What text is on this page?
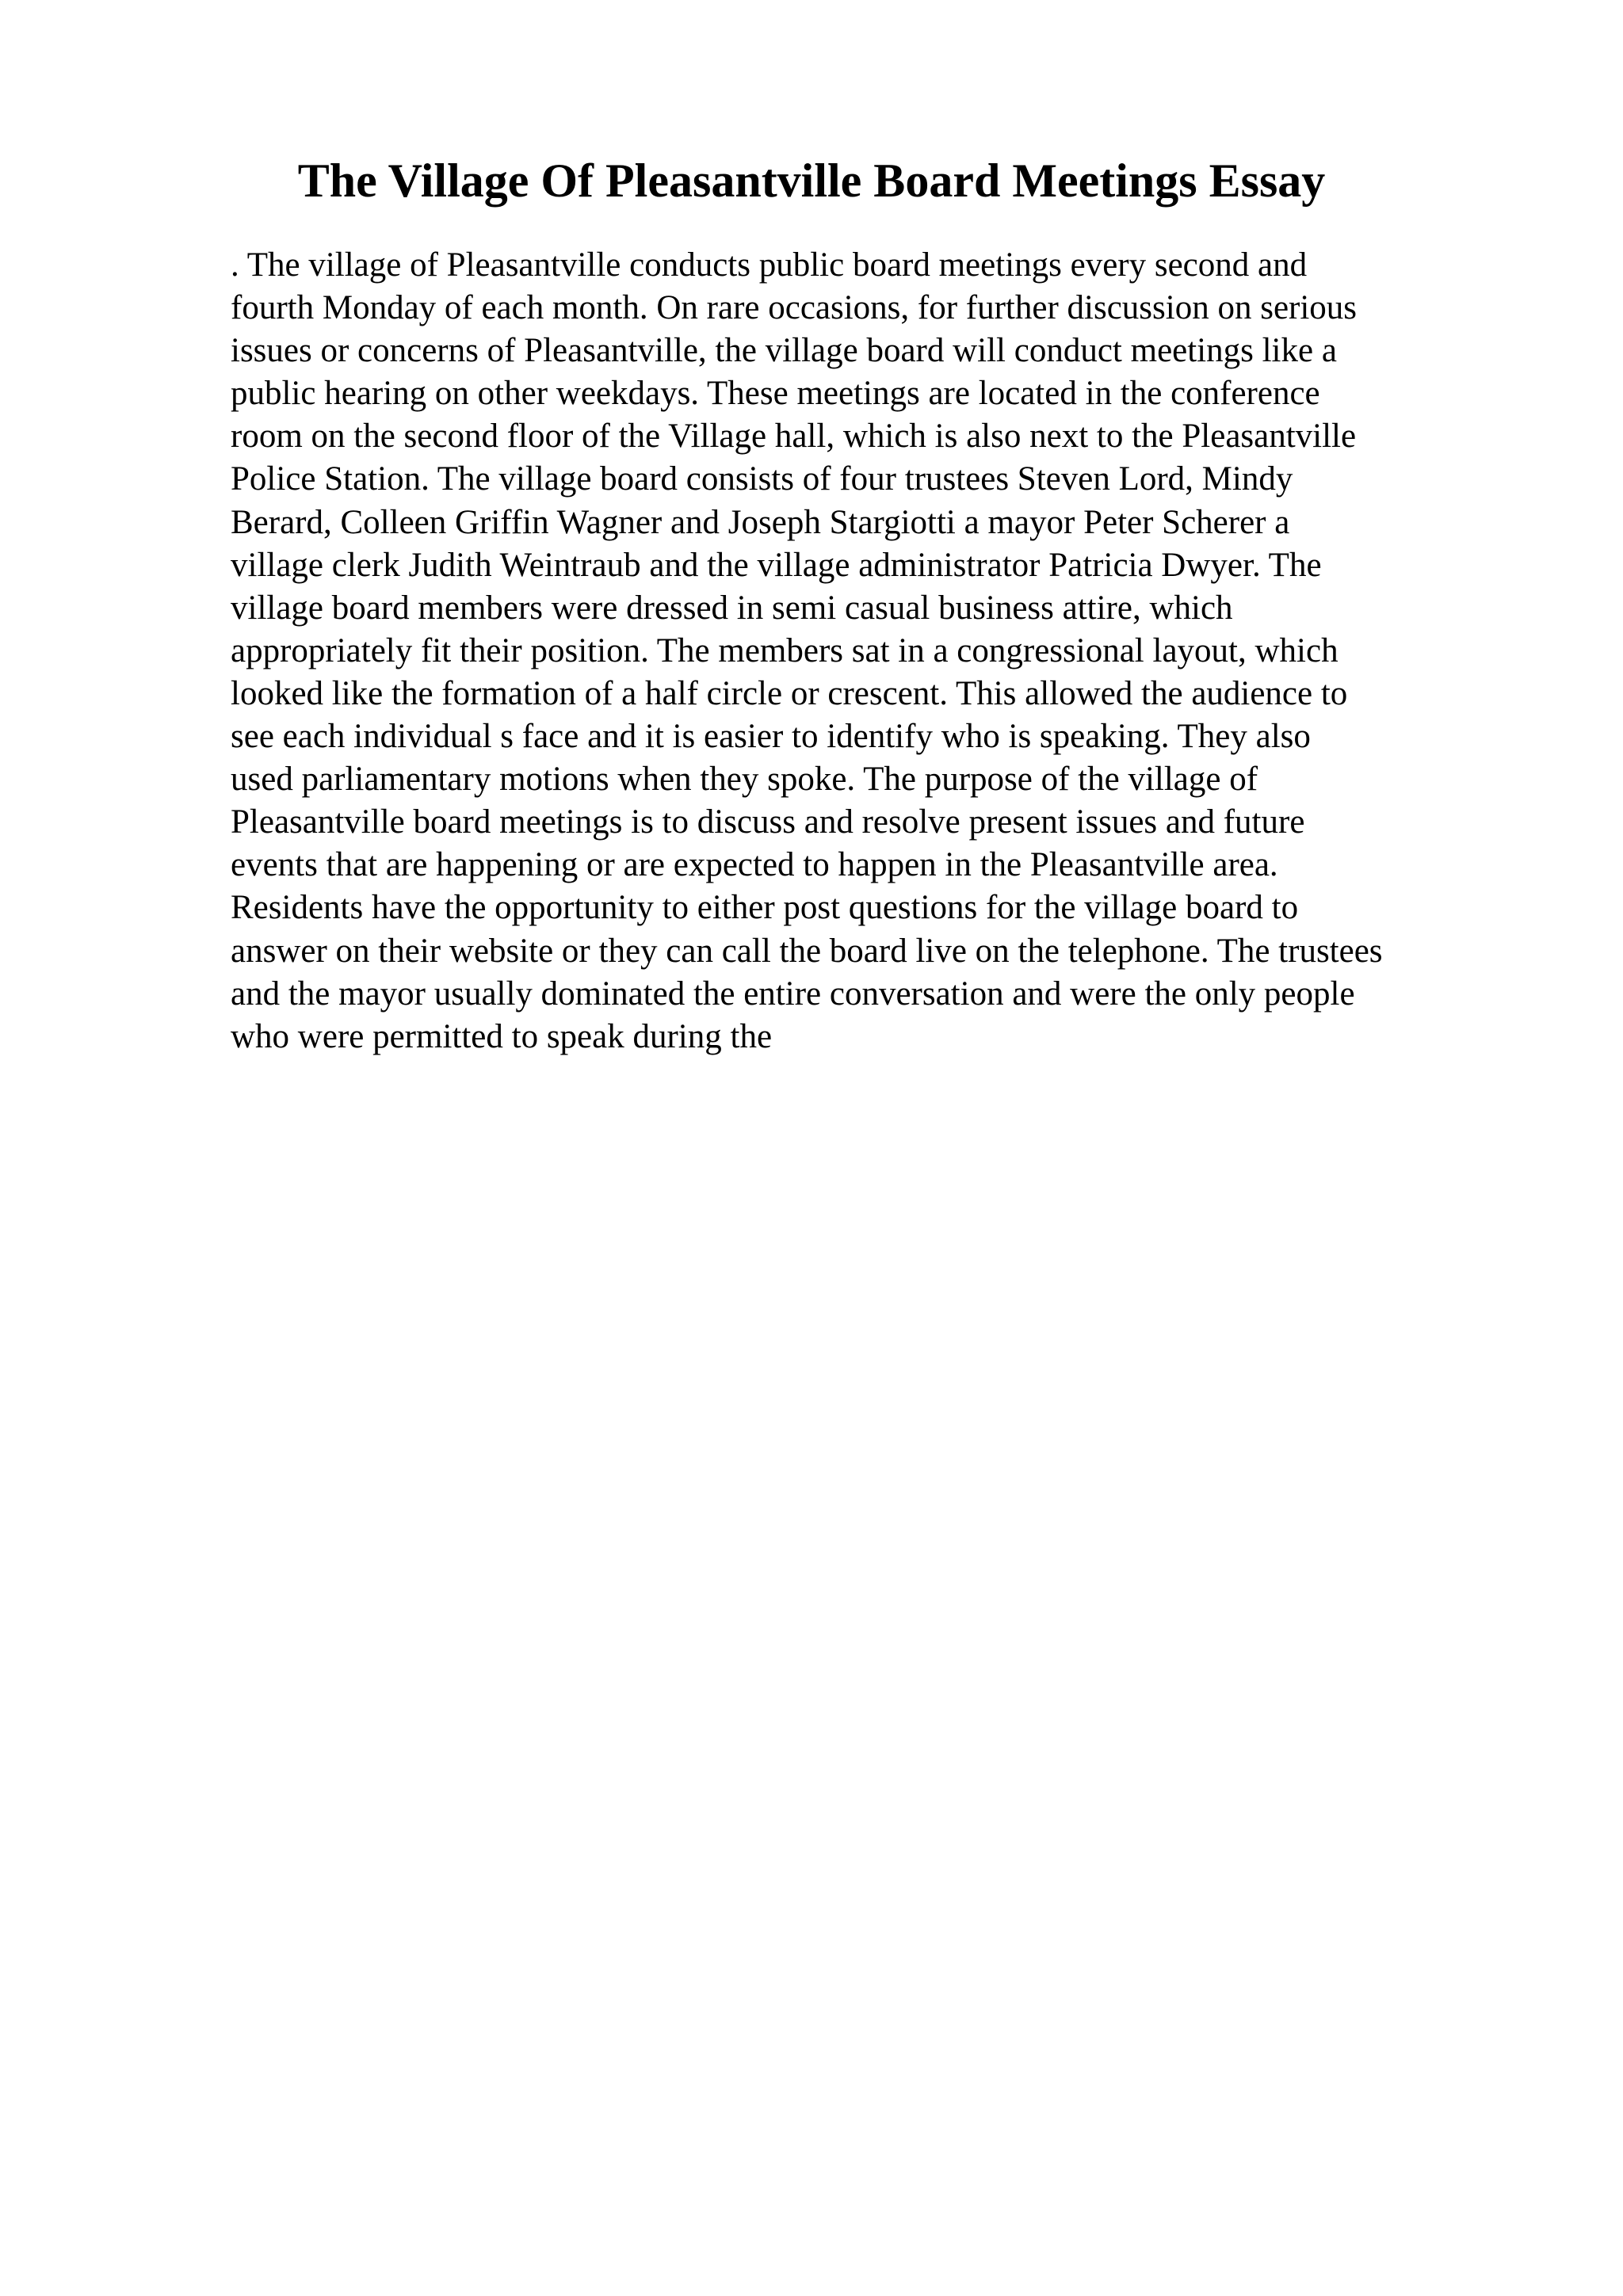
The Village Of Pleasantville Board Meetings Essay
. The village of Pleasantville conducts public board meetings every second and
fourth Monday of each month. On rare occasions, for further discussion on serious
issues or concerns of Pleasantville, the village board will conduct meetings like a
public hearing on other weekdays. These meetings are located in the conference
room on the second floor of the Village hall, which is also next to the Pleasantville
Police Station. The village board consists of four trustees Steven Lord, Mindy
Berard, Colleen Griffin Wagner and Joseph Stargiotti a mayor Peter Scherer a
village clerk Judith Weintraub and the village administrator Patricia Dwyer. The
village board members were dressed in semi casual business attire, which
appropriately fit their position. The members sat in a congressional layout, which
looked like the formation of a half circle or crescent. This allowed the audience to
see each individual s face and it is easier to identify who is speaking. They also
used parliamentary motions when they spoke. The purpose of the village of
Pleasantville board meetings is to discuss and resolve present issues and future
events that are happening or are expected to happen in the Pleasantville area.
Residents have the opportunity to either post questions for the village board to
answer on their website or they can call the board live on the telephone. The trustees
and the mayor usually dominated the entire conversation and were the only people
who were permitted to speak during the
